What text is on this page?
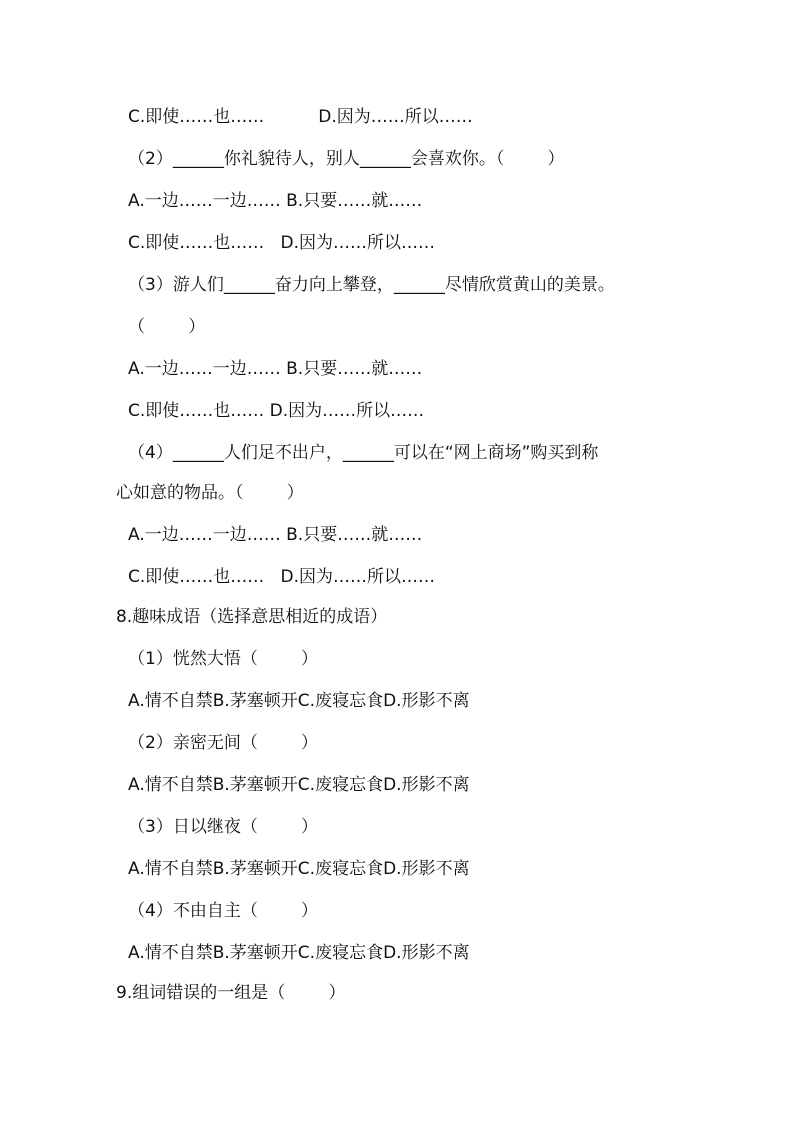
C.即使……也……          D.因为……所以……
（2）______你礼貌待人，别人______会喜欢你。（        ）
A.一边……一边…… B.只要……就……
C.即使……也……   D.因为……所以……
（3）游人们______奋力向上攀登，______尽情欣赏黄山的美景。
（        ）
A.一边……一边…… B.只要……就……
C.即使……也…… D.因为……所以……
（4）______人们足不出户，______可以在“网上商场”购买到称
心如意的物品。（        ）
A.一边……一边…… B.只要……就……
C.即使……也……   D.因为……所以……
8.趣味成语（选择意思相近的成语）
（1）恍然大悟（        ）
A.情不自禁B.茅塞顿开C.废寝忘食D.形影不离
（2）亲密无间（        ）
A.情不自禁B.茅塞顿开C.废寝忘食D.形影不离
（3）日以继夜（        ）
A.情不自禁B.茅塞顿开C.废寝忘食D.形影不离
（4）不由自主（        ）
A.情不自禁B.茅塞顿开C.废寝忘食D.形影不离
9.组词错误的一组是（        ）
